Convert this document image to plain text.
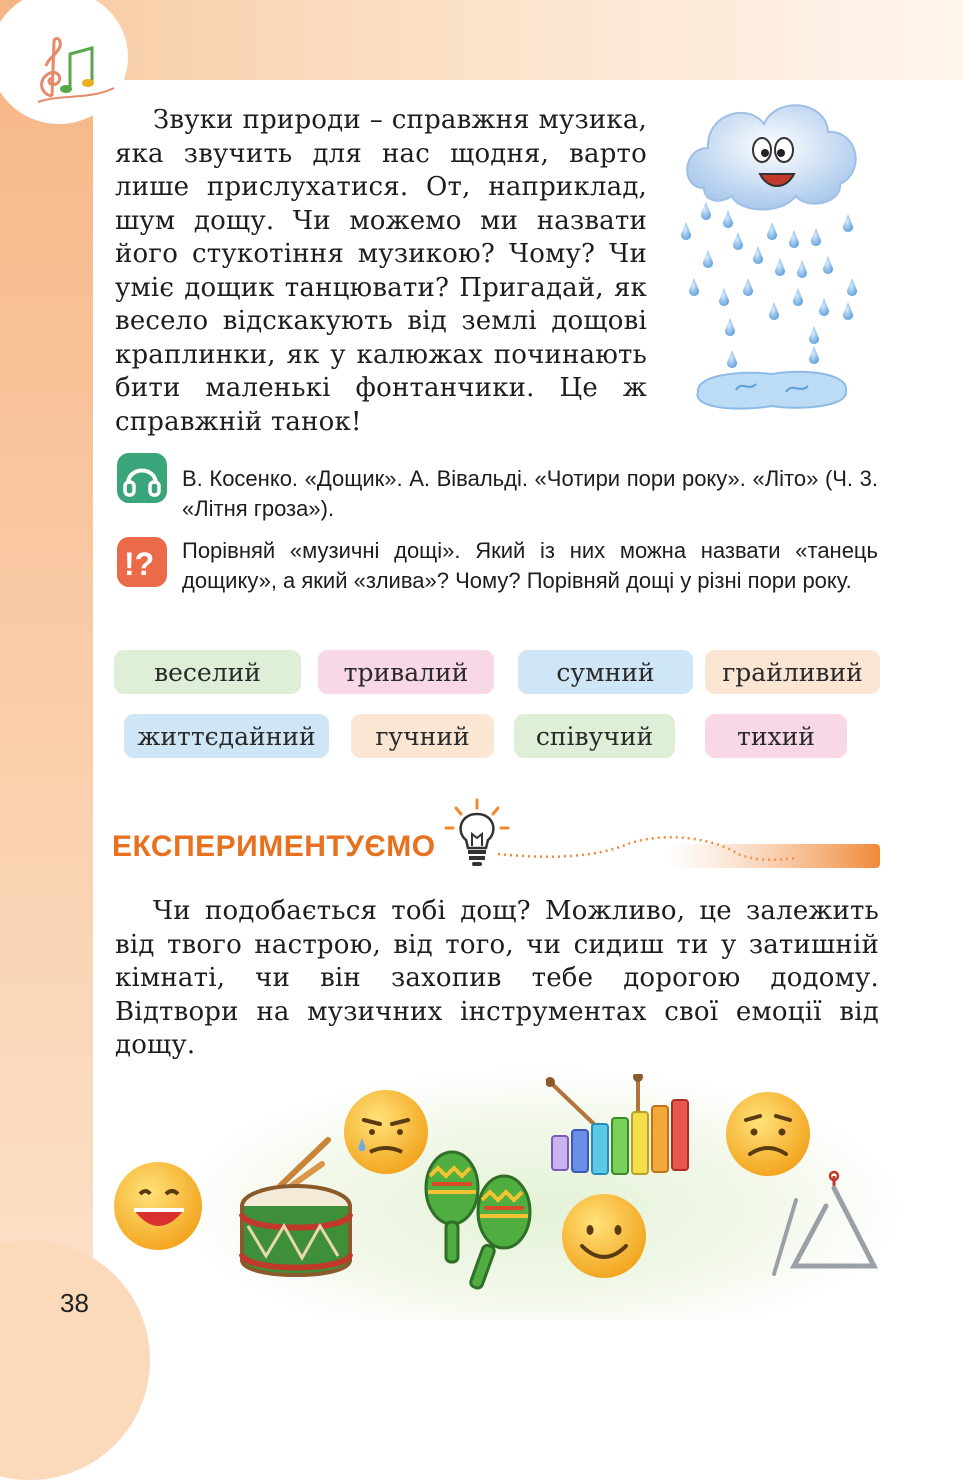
Звуки природи – справжня музика, яка звучить для нас щодня, варто лише прислухатися. От, наприклад, шум дощу. Чи можемо ми назвати його стукотіння музикою? Чому? Чи уміє дощик танцювати? Пригадай, як весело відскакують від землі дощові краплинки, як у калюжах починають бити маленькі фонтанчики. Це ж справжній танок!

В. Косенко. «Дощик». А. Вівальді. «Чотири пори року». «Літо» (Ч. 3. «Літня гроза»).

!? Порівняй «музичні дощі». Який із них можна назвати «танець дощику», а який «злива»? Чому? Порівняй дощі у різні пори року.

веселий	тривалий	сумний	грайливий
життєдайний	гучний	співучий	тихий
ЕКСПЕРИМЕНТУЄМО

Чи подобається тобі дощ? Можливо, це залежить від твого настрою, від того, чи сидиш ти у затишній кімнаті, чи він захопив тебе дорогою додому. Відтвори на музичних інструментах свої емоції від дощу.

38
